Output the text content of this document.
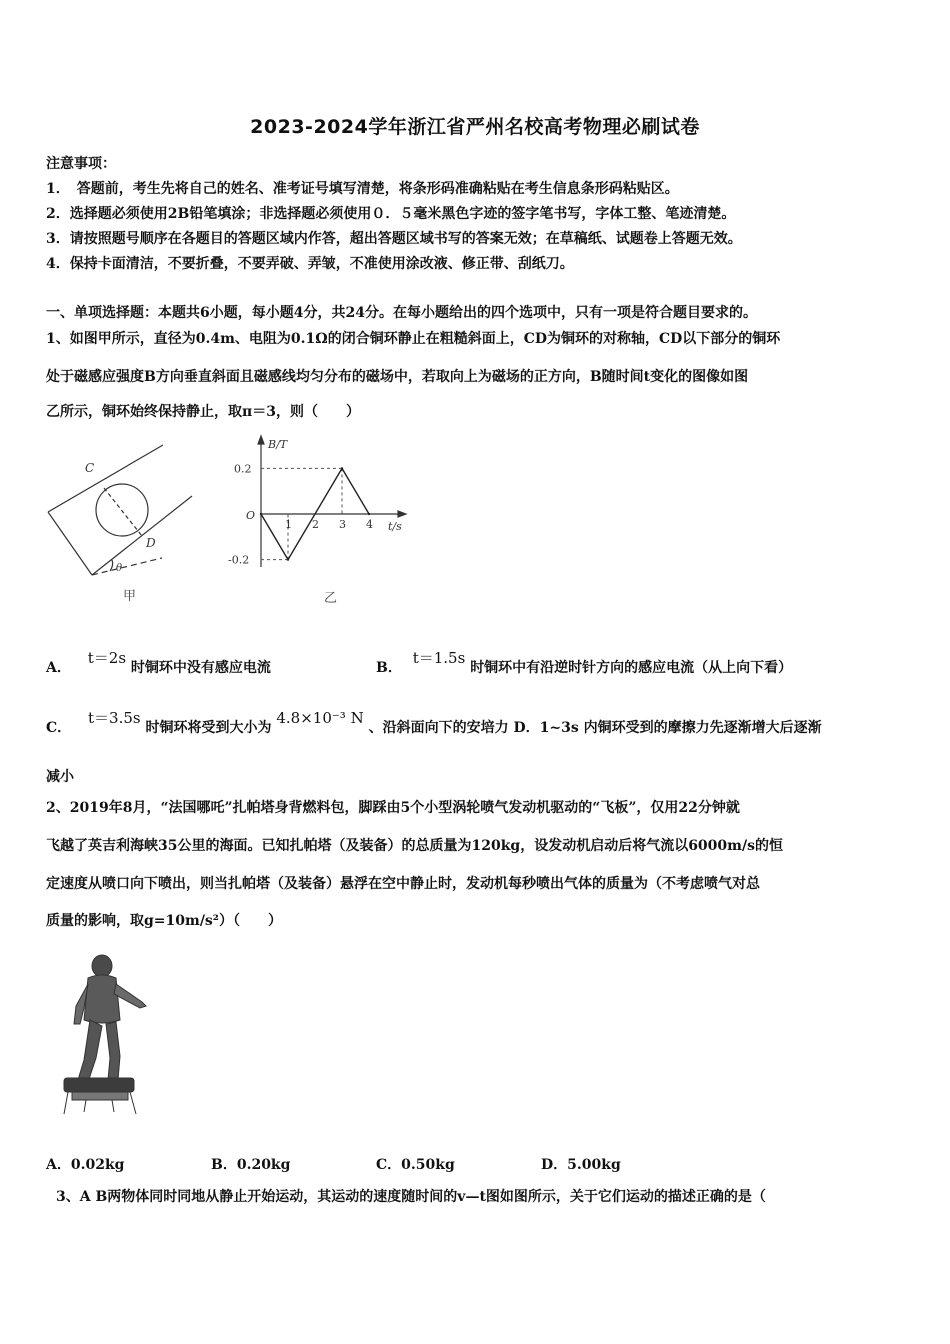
2023-2024学年浙江省严州名校高考物理必刷试卷
注意事项：
1．　答题前，考生先将自己的姓名、准考证号填写清楚，将条形码准确粘贴在考生信息条形码粘贴区。
2．选择题必须使用2B铅笔填涂；非选择题必须使用０．５毫米黑色字迹的签字笔书写，字体工整、笔迹清楚。
3．请按照题号顺序在各题目的答题区域内作答，超出答题区域书写的答案无效；在草稿纸、试题卷上答题无效。
4．保持卡面清洁，不要折叠，不要弄破、弄皱，不准使用涂改液、修正带、刮纸刀。
一、单项选择题：本题共6小题，每小题4分，共24分。在每小题给出的四个选项中，只有一项是符合题目要求的。
1、如图甲所示，直径为0.4m、电阻为0.1Ω的闭合铜环静止在粗糙斜面上，CD为铜环的对称轴，CD以下部分的铜环
处于磁感应强度B方向垂直斜面且磁感线均匀分布的磁场中，若取向上为磁场的正方向，B随时间t变化的图像如图
乙所示，铜环始终保持静止，取π＝3，则（　　）
C
D
θ
甲
1 2 3 4
0.2
-0.2
B/T
t/s
O
乙
A． t＝2s 时铜环中没有感应电流	B． t＝1.5s 时铜环中有沿逆时针方向的感应电流（从上向下看）
C． t＝3.5s 时铜环将受到大小为 4.8×10⁻³ N 、沿斜面向下的安培力 D．1~3s 内铜环受到的摩擦力先逐渐增大后逐渐
减小
2、2019年8月，“法国哪吒”扎帕塔身背燃料包，脚踩由5个小型涡轮喷气发动机驱动的“飞板”，仅用22分钟就
飞越了英吉利海峡35公里的海面。已知扎帕塔（及装备）的总质量为120kg，设发动机启动后将气流以6000m/s的恒
定速度从喷口向下喷出，则当扎帕塔（及装备）悬浮在空中静止时，发动机每秒喷出气体的质量为（不考虑喷气对总
质量的影响，取g=10m/s²）（　　）
A．0.02kg	B．0.20kg	C．0.50kg	D．5.00kg
3、A B两物体同时同地从静止开始运动，其运动的速度随时间的v—t图如图所示，关于它们运动的描述正确的是（
